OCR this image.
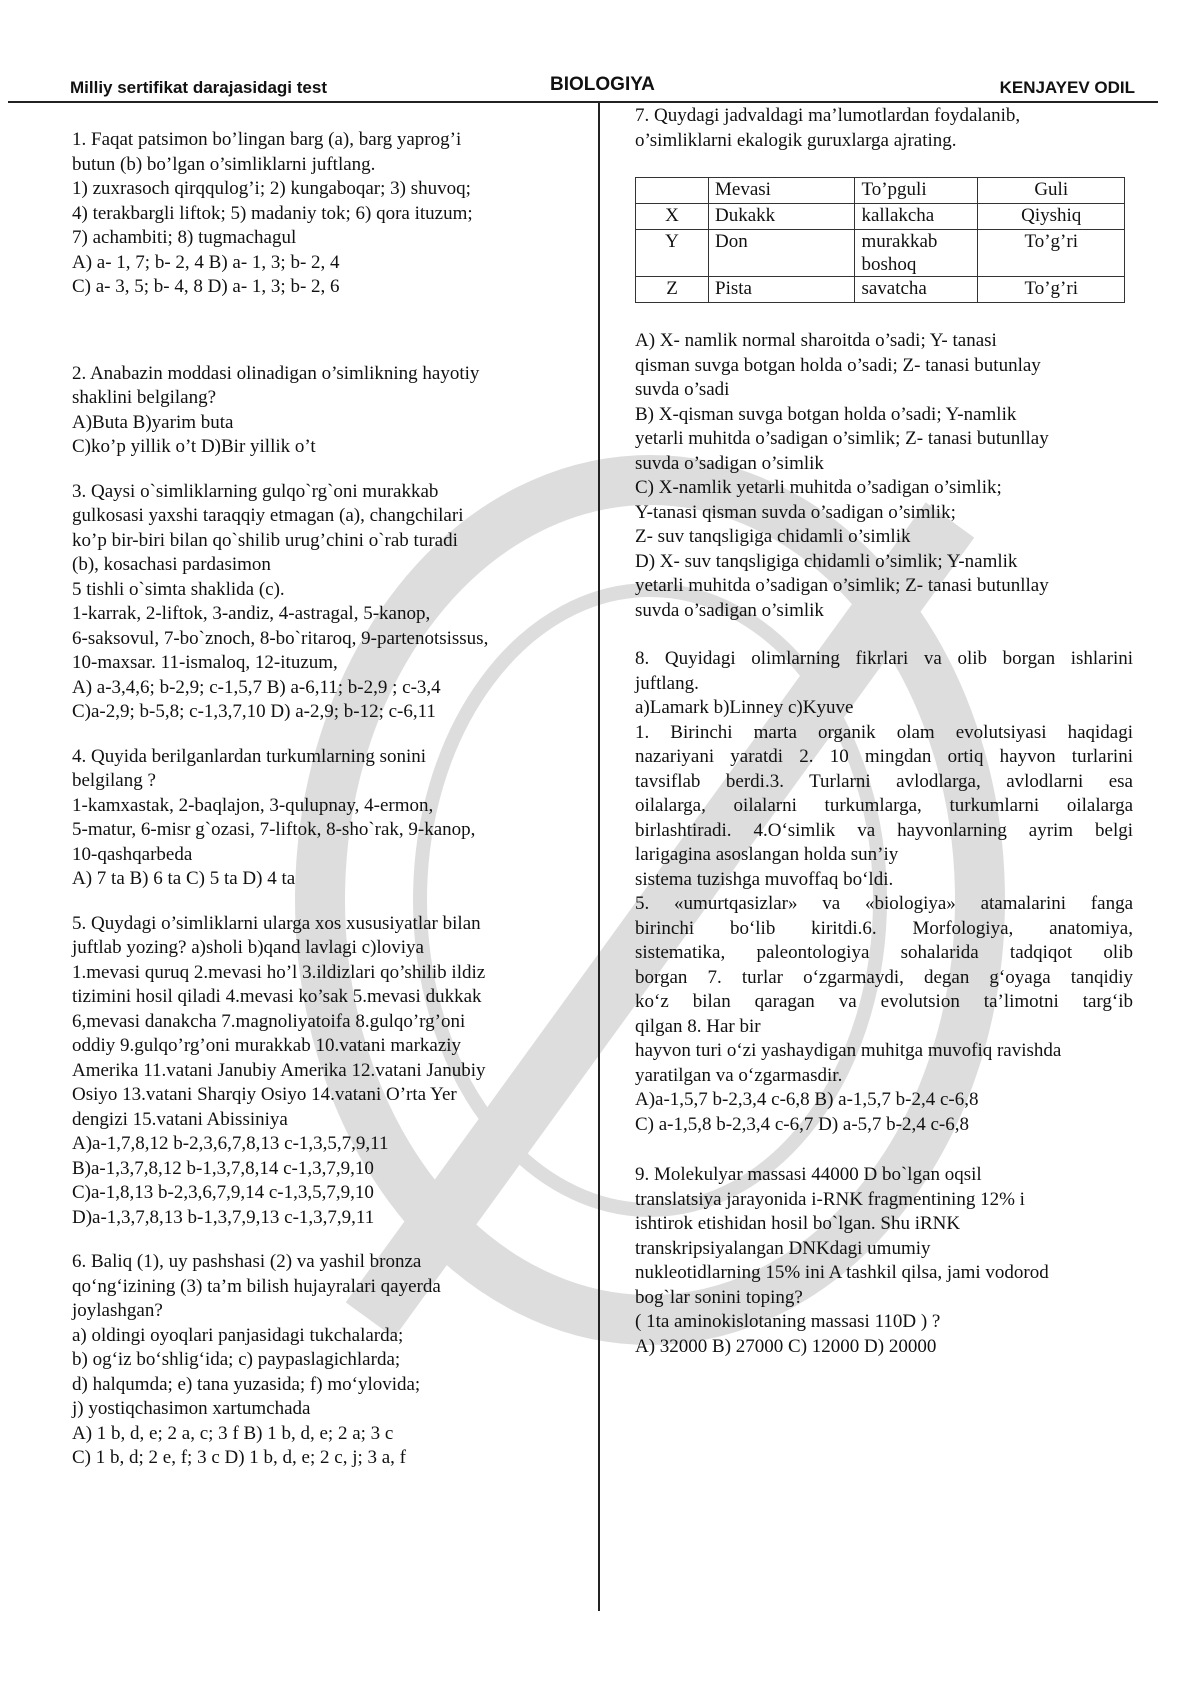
Milliy sertifikat darajasidagi test	BIOLOGIYA	KENJAYEV ODIL
1. Faqat patsimon bo’lingan barg (a), barg yaprog’i
butun (b) bo’lgan o’simliklarni juftlang.
1) zuxrasoch qirqqulog’i; 2) kungaboqar; 3) shuvoq;
4) terakbargli liftok; 5) madaniy tok; 6) qora ituzum;
7) achambiti; 8) tugmachagul
A) a- 1, 7; b- 2, 4 B) a- 1, 3; b- 2, 4
C) a- 3, 5; b- 4, 8 D) a- 1, 3; b- 2, 6
2. Anabazin moddasi olinadigan o’simlikning hayotiy
shaklini belgilang?
A)Buta B)yarim buta
C)ko’p yillik o’t D)Bir yillik o’t
3. Qaysi o`simliklarning gulqo`rg`oni murakkab
gulkosasi yaxshi taraqqiy etmagan (a), changchilari
ko’p bir-biri bilan qo`shilib urug’chini o`rab turadi
(b), kosachasi pardasimon
5 tishli o`simta shaklida (c).
1-karrak, 2-liftok, 3-andiz, 4-astragal, 5-kanop,
6-saksovul, 7-bo`znoch, 8-bo`ritaroq, 9-partenotsissus,
10-maxsar. 11-ismaloq, 12-ituzum,
A) a-3,4,6; b-2,9; c-1,5,7 B) a-6,11; b-2,9 ; c-3,4
C)a-2,9; b-5,8; c-1,3,7,10 D) a-2,9; b-12; c-6,11
4. Quyida berilganlardan turkumlarning sonini
belgilang ?
1-kamxastak, 2-baqlajon, 3-qulupnay, 4-ermon,
5-matur, 6-misr g`ozasi, 7-liftok, 8-sho`rak, 9-kanop,
10-qashqarbeda
A) 7 ta B) 6 ta C) 5 ta D) 4 ta
5. Quydagi o’simliklarni ularga xos xususiyatlar bilan
juftlab yozing? a)sholi b)qand lavlagi c)loviya
1.mevasi quruq 2.mevasi ho’l 3.ildizlari qo’shilib ildiz
tizimini hosil qiladi 4.mevasi ko’sak 5.mevasi dukkak
6,mevasi danakcha 7.magnoliyatoifa 8.gulqo’rg’oni
oddiy 9.gulqo’rg’oni murakkab 10.vatani markaziy
Amerika 11.vatani Janubiy Amerika 12.vatani Janubiy
Osiyo 13.vatani Sharqiy Osiyo 14.vatani O’rta Yer
dengizi 15.vatani Abissiniya
A)a-1,7,8,12 b-2,3,6,7,8,13 c-1,3,5,7,9,11
B)a-1,3,7,8,12 b-1,3,7,8,14 c-1,3,7,9,10
C)a-1,8,13 b-2,3,6,7,9,14 c-1,3,5,7,9,10
D)a-1,3,7,8,13 b-1,3,7,9,13 c-1,3,7,9,11
6. Baliq (1), uy pashshasi (2) va yashil bronza
qo‘ng‘izining (3) ta’m bilish hujayralari qayerda
joylashgan?
a) oldingi oyoqlari panjasidagi tukchalarda;
b) og‘iz bo‘shlig‘ida; c) paypaslagichlarda;
d) halqumda; e) tana yuzasida; f) mo‘ylovida;
j) yostiqchasimon xartumchada
A) 1 b, d, e; 2 a, c; 3 f B) 1 b, d, e; 2 a; 3 c
C) 1 b, d; 2 e, f; 3 c D) 1 b, d, e; 2 c, j; 3 a, f
7. Quydagi jadvaldagi ma’lumotlardan foydalanib,
o’simliklarni ekalogik guruxlarga ajrating.
	Mevasi	To’pguli	Guli
X	Dukakk	kallakcha	Qiyshiq
Y	Don	murakkab boshoq	To’g’ri
Z	Pista	savatcha	To’g’ri
A) X- namlik normal sharoitda o’sadi; Y- tanasi
qisman suvga botgan holda o’sadi; Z- tanasi butunlay
suvda o’sadi
B) X-qisman suvga botgan holda o’sadi; Y-namlik
yetarli muhitda o’sadigan o’simlik; Z- tanasi butunllay
suvda o’sadigan o’simlik
C) X-namlik yetarli muhitda o’sadigan o’simlik;
Y-tanasi qisman suvda o’sadigan o’simlik;
Z- suv tanqsligiga chidamli o’simlik
D) X- suv tanqsligiga chidamli o’simlik; Y-namlik
yetarli muhitda o’sadigan o’simlik; Z- tanasi butunllay
suvda o’sadigan o’simlik
8. Quyidagi olimlarning fikrlari va olib borgan ishlarini
juftlang.
a)Lamark b)Linney c)Kyuve
1. Birinchi marta organik olam evolutsiyasi haqidagi
nazariyani yaratdi 2. 10 mingdan ortiq hayvon turlarini
tavsiflab berdi.3. Turlarni avlodlarga, avlodlarni esa
oilalarga, oilalarni turkumlarga, turkumlarni oilalarga
birlashtiradi. 4.O‘simlik va hayvonlarning ayrim belgi
larigagina asoslangan holda sun’iy
sistema tuzishga muvoffaq bo‘ldi.
5. «umurtqasizlar» va «biologiya» atamalarini fanga
birinchi bo‘lib kiritdi.6. Morfologiya, anatomiya,
sistematika, paleontologiya sohalarida tadqiqot olib
borgan 7. turlar o‘zgarmaydi, degan g‘oyaga tanqidiy
ko‘z bilan qaragan va evolutsion ta’limotni targ‘ib
qilgan 8. Har bir
hayvon turi o‘zi yashaydigan muhitga muvofiq ravishda
yaratilgan va o‘zgarmasdir.
A)a-1,5,7 b-2,3,4 c-6,8 B) a-1,5,7 b-2,4 c-6,8
C) a-1,5,8 b-2,3,4 c-6,7 D) a-5,7 b-2,4 c-6,8
9. Molekulyar massasi 44000 D bo`lgan oqsil
translatsiya jarayonida i-RNK fragmentining 12% i
ishtirok etishidan hosil bo`lgan. Shu iRNK
transkripsiyalangan DNKdagi umumiy
nukleotidlarning 15% ini A tashkil qilsa, jami vodorod
bog`lar sonini toping?
( 1ta aminokislotaning massasi 110D ) ?
A) 32000 B) 27000 C) 12000 D) 20000
